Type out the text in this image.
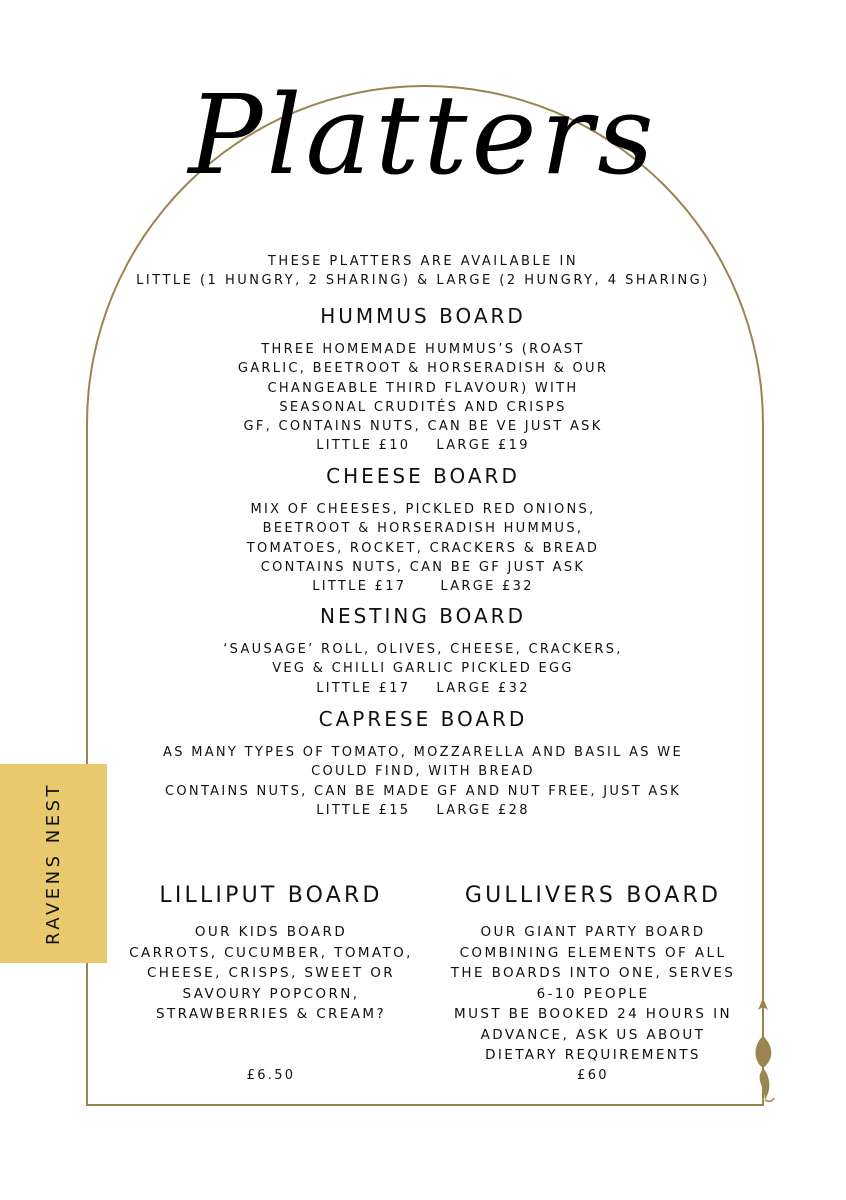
Platters
THESE PLATTERS ARE AVAILABLE IN
LITTLE (1 HUNGRY, 2 SHARING) & LARGE (2 HUNGRY, 4 SHARING)
HUMMUS BOARD
THREE HOMEMADE HUMMUS’S (ROAST
GARLIC, BEETROOT & HORSERADISH & OUR
CHANGEABLE THIRD FLAVOUR) WITH
SEASONAL CRUDITÉS AND CRISPS
GF, CONTAINS NUTS, CAN BE VE JUST ASK
LITTLE £10 LARGE £19
CHEESE BOARD
MIX OF CHEESES, PICKLED RED ONIONS,
BEETROOT & HORSERADISH HUMMUS,
TOMATOES, ROCKET, CRACKERS & BREAD
CONTAINS NUTS, CAN BE GF JUST ASK
LITTLE £17	LARGE £32
NESTING BOARD
‘SAUSAGE’ ROLL, OLIVES, CHEESE, CRACKERS,
VEG & CHILLI GARLIC PICKLED EGG
LITTLE £17 LARGE £32
CAPRESE BOARD
AS MANY TYPES OF TOMATO, MOZZARELLA AND BASIL AS WE
COULD FIND, WITH BREAD
CONTAINS NUTS, CAN BE MADE GF AND NUT FREE, JUST ASK
LITTLE £15 LARGE £28
RAVENS NEST	LILLIPUT BOARD
OUR KIDS BOARD
CARROTS, CUCUMBER, TOMATO,
CHEESE, CRISPS, SWEET OR
SAVOURY POPCORN,
STRAWBERRIES & CREAM?
£6.50
GULLIVERS BOARD
OUR GIANT PARTY BOARD
COMBINING ELEMENTS OF ALL
THE BOARDS INTO ONE, SERVES
6-10 PEOPLE
MUST BE BOOKED 24 HOURS IN
ADVANCE, ASK US ABOUT
DIETARY REQUIREMENTS
£60
